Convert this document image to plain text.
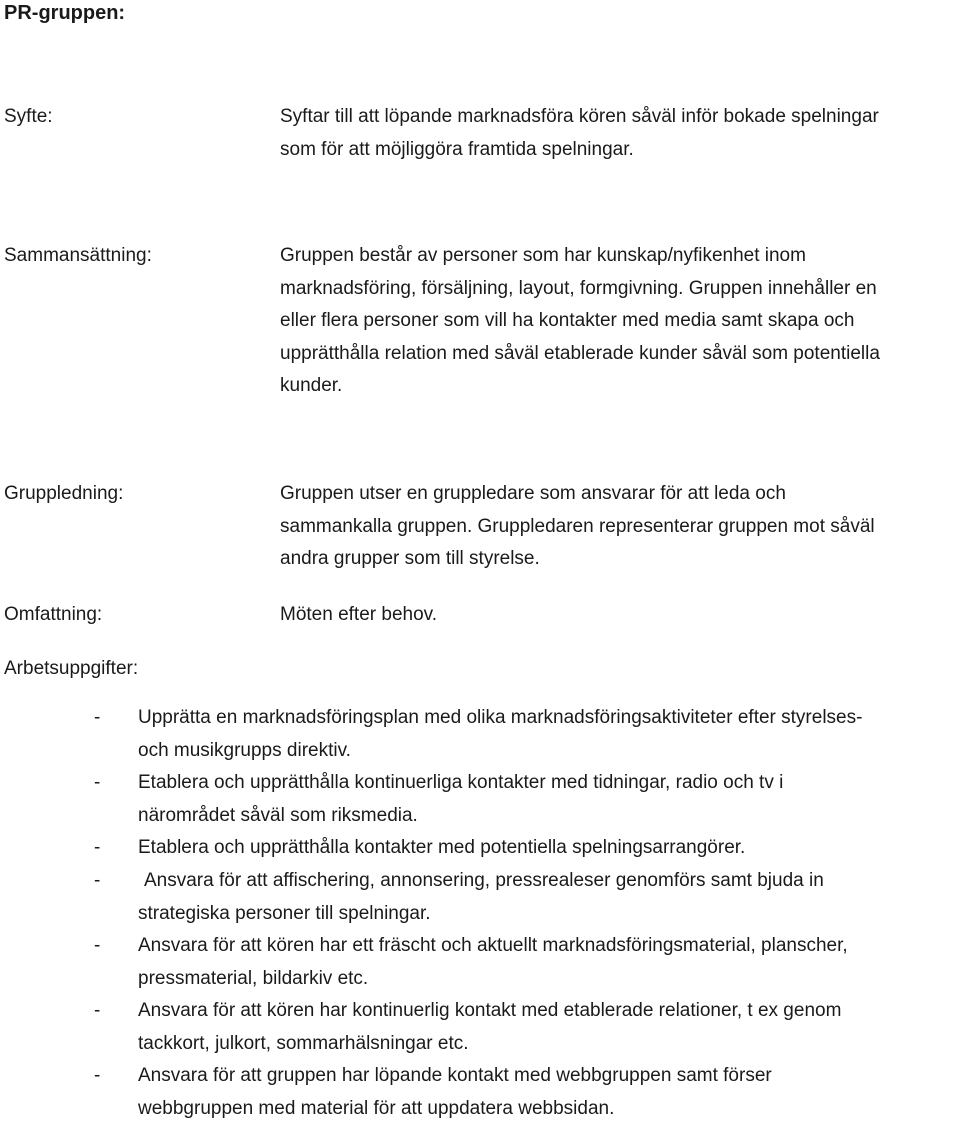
PR-gruppen:
Syfte:	Syftar till att löpande marknadsföra kören såväl inför bokade spelningar
som för att möjliggöra framtida spelningar.
Sammansättning:	Gruppen består av personer som har kunskap/nyfikenhet inom
marknadsföring, försäljning, layout, formgivning. Gruppen innehåller en
eller flera personer som vill ha kontakter med media samt skapa och
upprätthålla relation med såväl etablerade kunder såväl som potentiella
kunder.
Gruppledning:	Gruppen utser en gruppledare som ansvarar för att leda och
sammankalla gruppen. Gruppledaren representerar gruppen mot såväl
andra grupper som till styrelse.
Omfattning:	Möten efter behov.
Arbetsuppgifter:
- Upprätta en marknadsföringsplan med olika marknadsföringsaktiviteter efter styrelses-
och musikgrupps direktiv.
- Etablera och upprätthålla kontinuerliga kontakter med tidningar, radio och tv i
närområdet såväl som riksmedia.
- Etablera och upprätthålla kontakter med potentiella spelningsarrangörer.
- Ansvara för att affischering, annonsering, pressrealeser genomförs samt bjuda in
strategiska personer till spelningar.
- Ansvara för att kören har ett fräscht och aktuellt marknadsföringsmaterial, planscher,
pressmaterial, bildarkiv etc.
- Ansvara för att kören har kontinuerlig kontakt med etablerade relationer, t ex genom
tackkort, julkort, sommarhälsningar etc.
- Ansvara för att gruppen har löpande kontakt med webbgruppen samt förser
webbgruppen med material för att uppdatera webbsidan.
